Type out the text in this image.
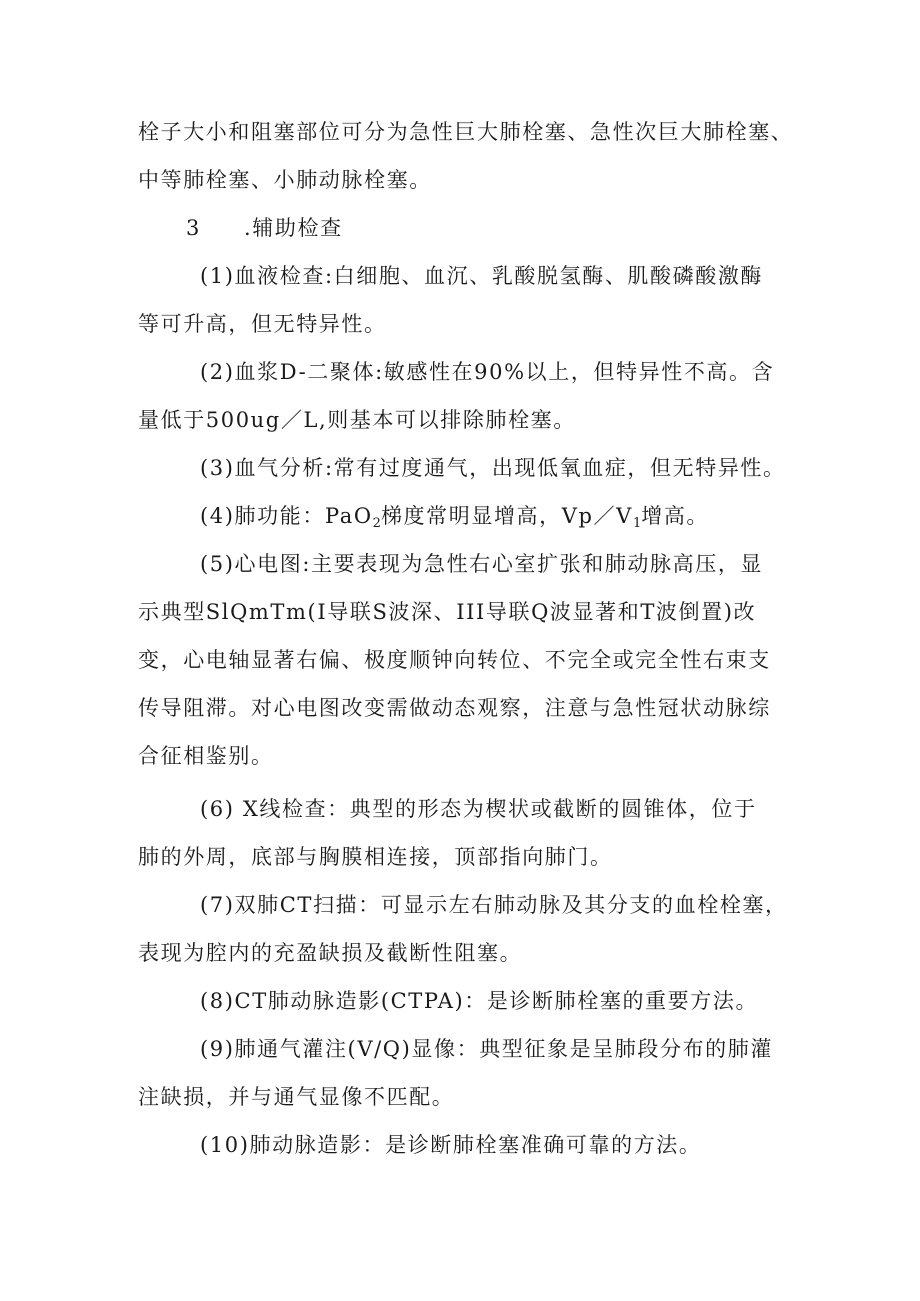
栓子大小和阻塞部位可分为急性巨大肺栓塞、急性次巨大肺栓塞、
中等肺栓塞、小肺动脉栓塞。
3 .辅助检查
(1)血液检查:白细胞、血沉、乳酸脱氢酶、肌酸磷酸激酶
等可升高，但无特异性。
(2)血浆D-二聚体:敏感性在90%以上，但特异性不高。含
量低于500ug／L,则基本可以排除肺栓塞。
(3)血气分析:常有过度通气，出现低氧血症，但无特异性。
(4)肺功能：PaO$_2$梯度常明显增高，$Vp/V_1$增高。
(5)心电图:主要表现为急性右心室扩张和肺动脉高压，显
示典型SlQmTm(I导联S波深、III导联Q波显著和T波倒置)改
变，心电轴显著右偏、极度顺钟向转位、不完全或完全性右束支
传导阻滞。对心电图改变需做动态观察，注意与急性冠状动脉综
合征相鉴别。
(6) X线检查：典型的形态为楔状或截断的圆锥体，位于
肺的外周，底部与胸膜相连接，顶部指向肺门。
(7)双肺CT扫描：可显示左右肺动脉及其分支的血栓栓塞，
表现为腔内的充盈缺损及截断性阻塞。
(8)CT肺动脉造影(CTPA)：是诊断肺栓塞的重要方法。
(9)肺通气灌注(V/Q)显像：典型征象是呈肺段分布的肺灌
注缺损，并与通气显像不匹配。
(10)肺动脉造影：是诊断肺栓塞准确可靠的方法。
